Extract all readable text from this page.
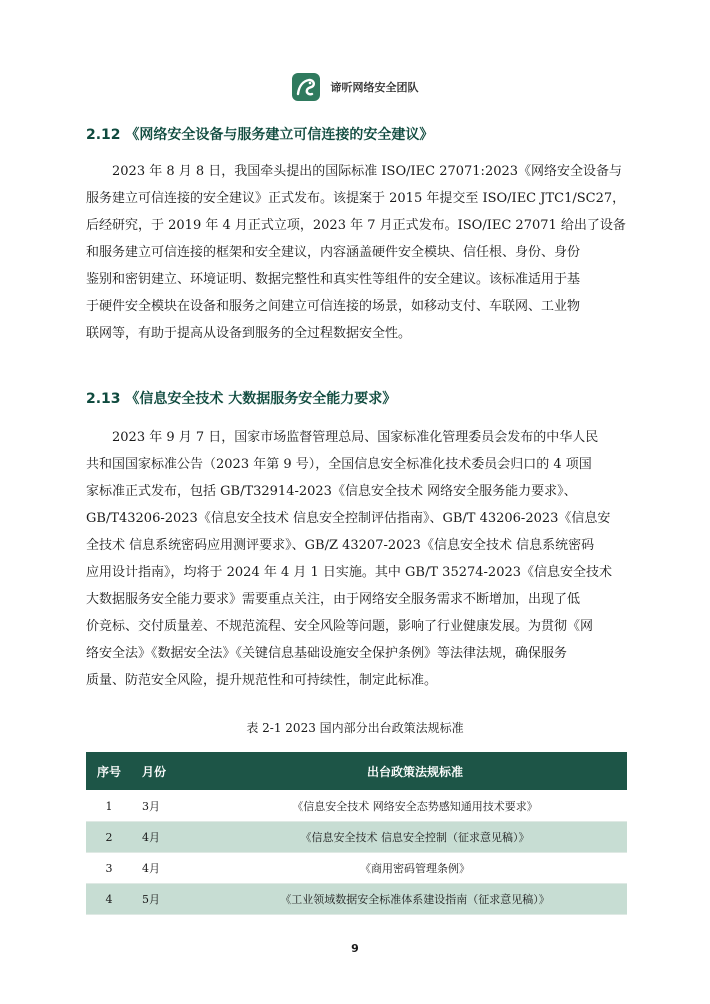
谛听网络安全团队
2.12 《网络安全设备与服务建立可信连接的安全建议》
2023 年 8 月 8 日，我国牵头提出的国际标准 ISO/IEC 27071:2023《网络安全设备与
服务建立可信连接的安全建议》正式发布。该提案于 2015 年提交至 ISO/IEC JTC1/SC27，
后经研究，于 2019 年 4 月正式立项，2023 年 7 月正式发布。ISO/IEC 27071 给出了设备
和服务建立可信连接的框架和安全建议，内容涵盖硬件安全模块、信任根、身份、身份
鉴别和密钥建立、环境证明、数据完整性和真实性等组件的安全建议。该标准适用于基
于硬件安全模块在设备和服务之间建立可信连接的场景，如移动支付、车联网、工业物
联网等，有助于提高从设备到服务的全过程数据安全性。
2.13 《信息安全技术 大数据服务安全能力要求》
2023 年 9 月 7 日，国家市场监督管理总局、国家标准化管理委员会发布的中华人民
共和国国家标准公告（2023 年第 9 号），全国信息安全标准化技术委员会归口的 4 项国
家标准正式发布，包括 GB/T32914-2023《信息安全技术 网络安全服务能力要求》、
GB/T43206-2023《信息安全技术 信息安全控制评估指南》、GB/T 43206-2023《信息安
全技术 信息系统密码应用测评要求》、GB/Z 43207-2023《信息安全技术 信息系统密码
应用设计指南》，均将于 2024 年 4 月 1 日实施。其中 GB/T 35274-2023《信息安全技术
大数据服务安全能力要求》需要重点关注，由于网络安全服务需求不断增加，出现了低
价竞标、交付质量差、不规范流程、安全风险等问题，影响了行业健康发展。为贯彻《网
络安全法》《数据安全法》《关键信息基础设施安全保护条例》等法律法规，确保服务
质量、防范安全风险，提升规范性和可持续性，制定此标准。
表 2-1 2023 国内部分出台政策法规标准
序号	月份	出台政策法规标准
1	3月	《信息安全技术 网络安全态势感知通用技术要求》
2	4月	《信息安全技术 信息安全控制（征求意见稿）》
3	4月	《商用密码管理条例》
4	5月	《工业领域数据安全标准体系建设指南（征求意见稿）》
9
